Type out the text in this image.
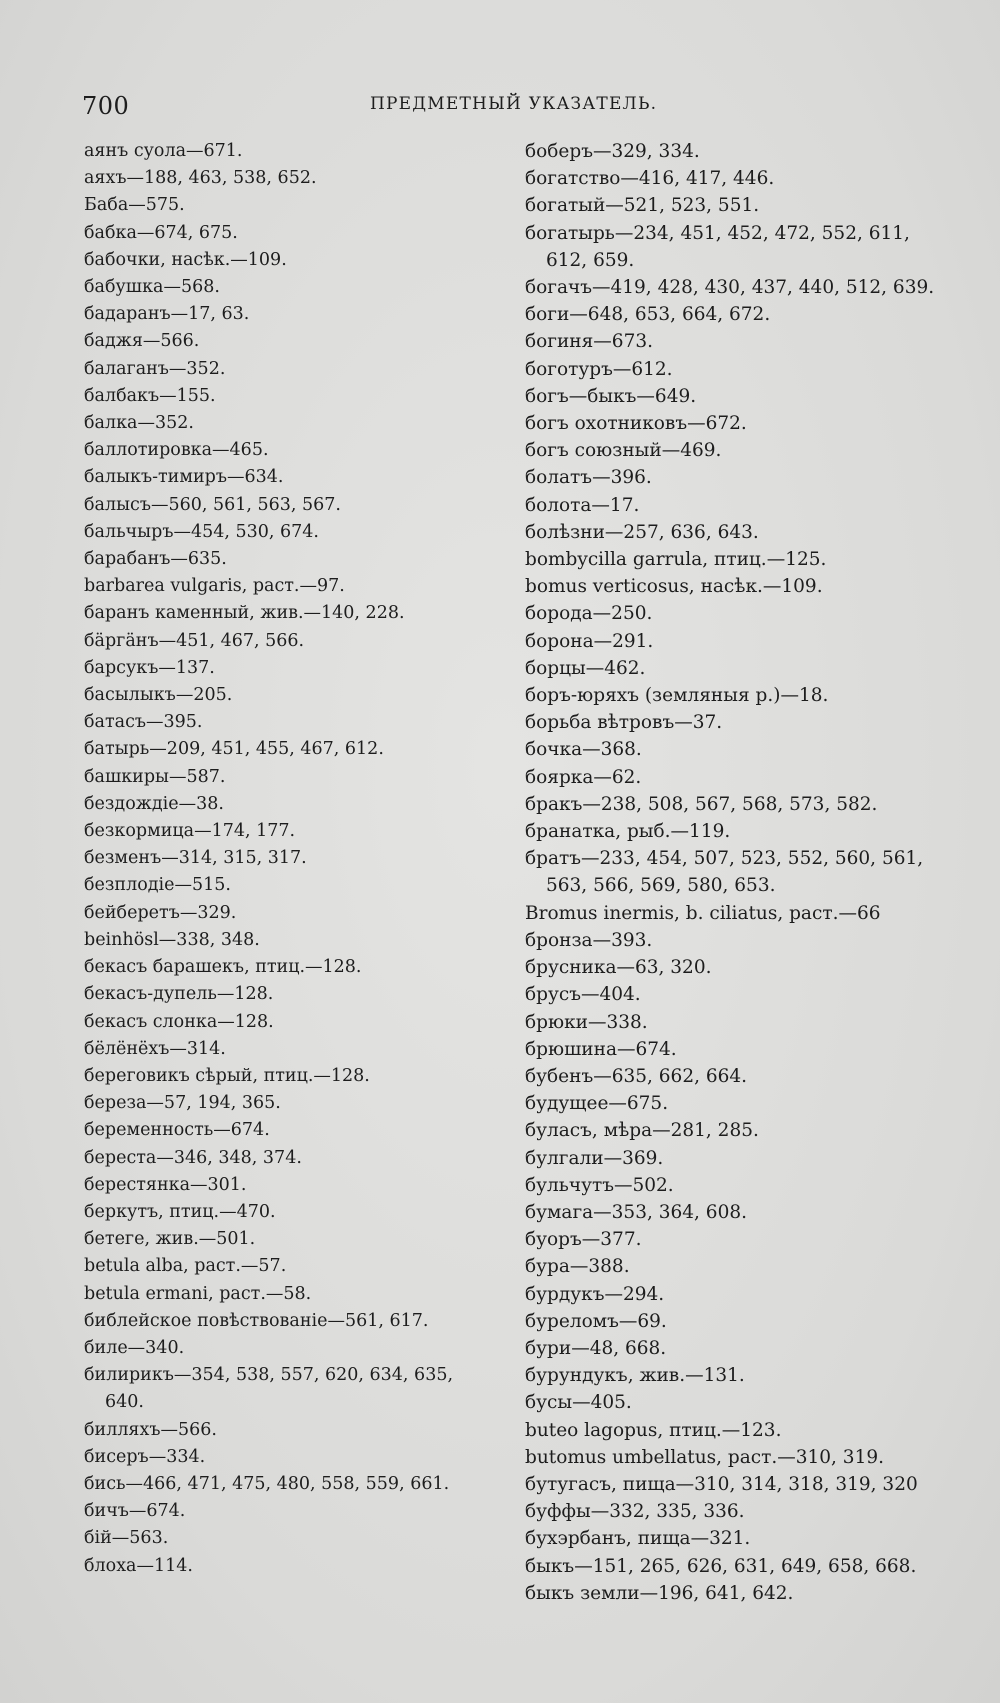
700	ПРЕДМЕТНЫЙ УКАЗАТЕЛЬ.
аянъ суола—671.
аяхъ—188, 463, 538, 652.
Баба—575.
бабка—674, 675.
бабочки, насѣк.—109.
бабушка—568.
бадаранъ—17, 63.
баджя—566.
балаганъ—352.
балбакъ—155.
балка—352.
баллотировка—465.
балыкъ-тимиръ—634.
балысъ—560, 561, 563, 567.
бальчыръ—454, 530, 674.
барабанъ—635.
barbarea vulgaris, раст.—97.
баранъ каменный, жив.—140, 228.
бäргäнъ—451, 467, 566.
барсукъ—137.
басылыкъ—205.
батасъ—395.
батырь—209, 451, 455, 467, 612.
башкиры—587.
бездождіе—38.
безкормица—174, 177.
безменъ—314, 315, 317.
безплодіе—515.
бейберетъ—329.
beinhösl—338, 348.
бекасъ барашекъ, птиц.—128.
бекасъ-дупель—128.
бекасъ слонка—128.
бёлёнёхъ—314.
береговикъ сѣрый, птиц.—128.
береза—57, 194, 365.
беременность—674.
береста—346, 348, 374.
берестянка—301.
беркутъ, птиц.—470.
бетеге, жив.—501.
betula alba, раст.—57.
betula ermani, раст.—58.
библейское повѣствованіе—561, 617.
биле—340.
билирикъ—354, 538, 557, 620, 634, 635, 640.
билляхъ—566.
бисеръ—334.
бись—466, 471, 475, 480, 558, 559, 661.
бичъ—674.
бій—563.
блоха—114.
боберъ—329, 334.
богатство—416, 417, 446.
богатый—521, 523, 551.
богатырь—234, 451, 452, 472, 552, 611, 612, 659.
богачъ—419, 428, 430, 437, 440, 512, 639.
боги—648, 653, 664, 672.
богиня—673.
боготуръ—612.
богъ—быкъ—649.
богъ охотниковъ—672.
богъ союзный—469.
болатъ—396.
болота—17.
болѣзни—257, 636, 643.
bombycilla garrula, птиц.—125.
bomus verticosus, насѣк.—109.
борода—250.
борона—291.
борцы—462.
боръ-юряхъ (земляныя р.)—18.
борьба вѣтровъ—37.
бочка—368.
боярка—62.
бракъ—238, 508, 567, 568, 573, 582.
бранатка, рыб.—119.
братъ—233, 454, 507, 523, 552, 560, 561, 563, 566, 569, 580, 653.
Bromus inermis, b. ciliatus, раст.—66
бронза—393.
брусника—63, 320.
брусъ—404.
брюки—338.
брюшина—674.
бубенъ—635, 662, 664.
будущее—675.
буласъ, мѣра—281, 285.
булгали—369.
бульчутъ—502.
бумага—353, 364, 608.
буоръ—377.
бура—388.
бурдукъ—294.
буреломъ—69.
бури—48, 668.
бурундукъ, жив.—131.
бусы—405.
buteo lagopus, птиц.—123.
butomus umbellatus, раст.—310, 319.
бутугасъ, пища—310, 314, 318, 319, 320
буффы—332, 335, 336.
бухэрбанъ, пища—321.
быкъ—151, 265, 626, 631, 649, 658, 668.
быкъ земли—196, 641, 642.
